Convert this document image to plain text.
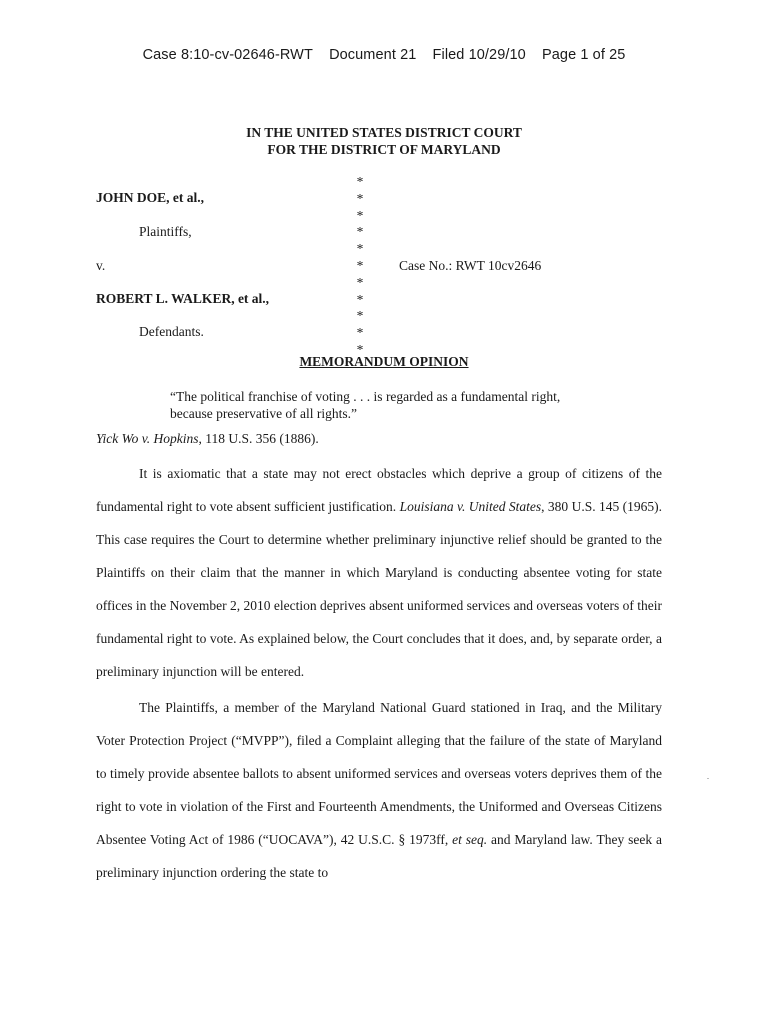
Case 8:10-cv-02646-RWT Document 21 Filed 10/29/10 Page 1 of 25
IN THE UNITED STATES DISTRICT COURT
FOR THE DISTRICT OF MARYLAND
JOHN DOE, et al.,
Plaintiffs,
v.	Case No.: RWT 10cv2646
ROBERT L. WALKER, et al.,
Defendants.
*
*
*
*
*
*
*
*
*
*
*
MEMORANDUM OPINION
“The political franchise of voting . . . is regarded as a fundamental right, because preservative of all rights.”
Yick Wo v. Hopkins, 118 U.S. 356 (1886).
It is axiomatic that a state may not erect obstacles which deprive a group of citizens of the fundamental right to vote absent sufficient justification. Louisiana v. United States, 380 U.S. 145 (1965). This case requires the Court to determine whether preliminary injunctive relief should be granted to the Plaintiffs on their claim that the manner in which Maryland is conducting absentee voting for state offices in the November 2, 2010 election deprives absent uniformed services and overseas voters of their fundamental right to vote. As explained below, the Court concludes that it does, and, by separate order, a preliminary injunction will be entered.
The Plaintiffs, a member of the Maryland National Guard stationed in Iraq, and the Military Voter Protection Project (“MVPP”), filed a Complaint alleging that the failure of the state of Maryland to timely provide absentee ballots to absent uniformed services and overseas voters deprives them of the right to vote in violation of the First and Fourteenth Amendments, the Uniformed and Overseas Citizens Absentee Voting Act of 1986 (“UOCAVA”), 42 U.S.C. § 1973ff, et seq. and Maryland law. They seek a preliminary injunction ordering the state to
